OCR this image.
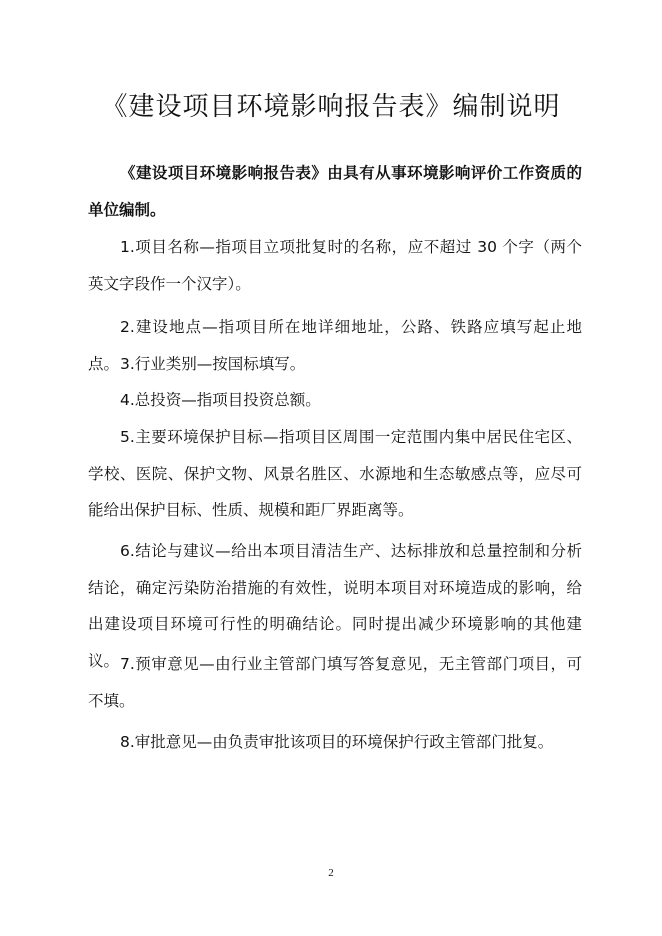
《建设项目环境影响报告表》编制说明

《建设项目环境影响报告表》由具有从事环境影响评价工作资质的单位编制。

1.项目名称—指项目立项批复时的名称，应不超过 30 个字（两个英文字段作一个汉字）。

2.建设地点—指项目所在地详细地址，公路、铁路应填写起止地点。 3.行业类别—按国标填写。

4.总投资—指项目投资总额。

5.主要环境保护目标—指项目区周围一定范围内集中居民住宅区、学校、医院、保护文物、风景名胜区、水源地和生态敏感点等，应尽可能给出保护目标、性质、规模和距厂界距离等。

6.结论与建议—给出本项目清洁生产、达标排放和总量控制和分析结论，确定污染防治措施的有效性，说明本项目对环境造成的影响，给出建设项目环境可行性的明确结论。同时提出减少环境影响的其他建议。 7.预审意见—由行业主管部门填写答复意见，无主管部门项目，可不填。

8.审批意见—由负责审批该项目的环境保护行政主管部门批复。

2
